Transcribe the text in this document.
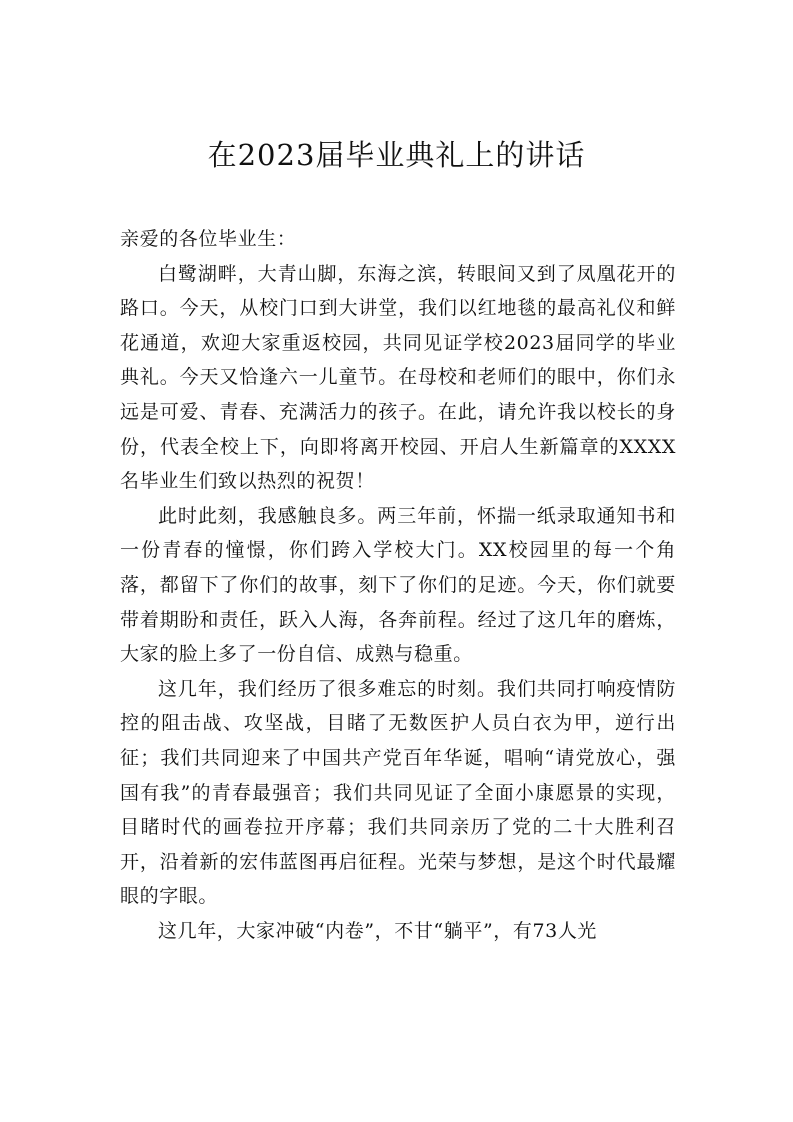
在2023届毕业典礼上的讲话

亲爱的各位毕业生：

白鹭湖畔，大青山脚，东海之滨，转眼间又到了凤凰花开的路口。今天，从校门口到大讲堂，我们以红地毯的最高礼仪和鲜花通道，欢迎大家重返校园，共同见证学校2023届同学的毕业典礼。今天又恰逢六一儿童节。在母校和老师们的眼中，你们永远是可爱、青春、充满活力的孩子。在此，请允许我以校长的身份，代表全校上下，向即将离开校园、开启人生新篇章的XXXX名毕业生们致以热烈的祝贺！

此时此刻，我感触良多。两三年前，怀揣一纸录取通知书和一份青春的憧憬，你们跨入学校大门。XX校园里的每一个角落，都留下了你们的故事，刻下了你们的足迹。今天，你们就要带着期盼和责任，跃入人海，各奔前程。经过了这几年的磨炼，大家的脸上多了一份自信、成熟与稳重。

这几年，我们经历了很多难忘的时刻。我们共同打响疫情防控的阻击战、攻坚战，目睹了无数医护人员白衣为甲，逆行出征；我们共同迎来了中国共产党百年华诞，唱响“请党放心，强国有我”的青春最强音；我们共同见证了全面小康愿景的实现，目睹时代的画卷拉开序幕；我们共同亲历了党的二十大胜利召开，沿着新的宏伟蓝图再启征程。光荣与梦想，是这个时代最耀眼的字眼。

这几年，大家冲破“内卷”，不甘“躺平”，有73人光
